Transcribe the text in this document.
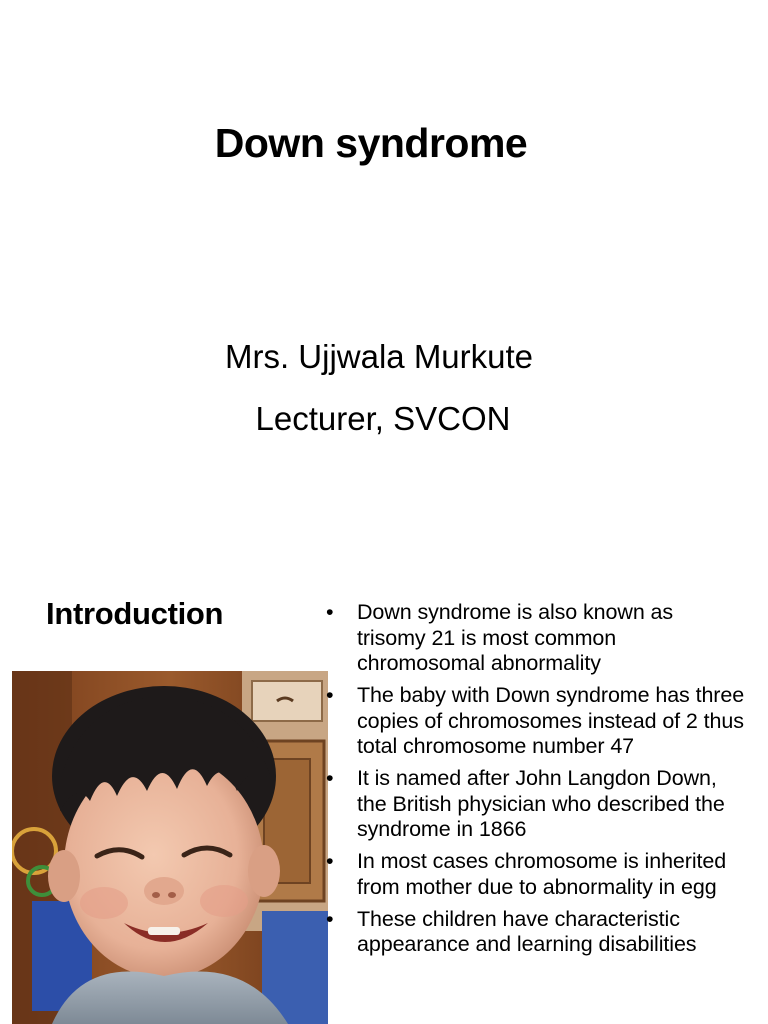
Down syndrome
Mrs. Ujjwala Murkute
Lecturer, SVCON
Introduction	• Down syndrome is also known as trisomy 21 is most common chromosomal abnormality
• The baby with Down syndrome has three copies of chromosomes instead of 2 thus total chromosome number 47
• It is named after John Langdon Down, the British physician who described the syndrome in 1866
• In most cases chromosome is inherited from mother due to abnormality in egg
• These children have characteristic appearance and learning disabilities
